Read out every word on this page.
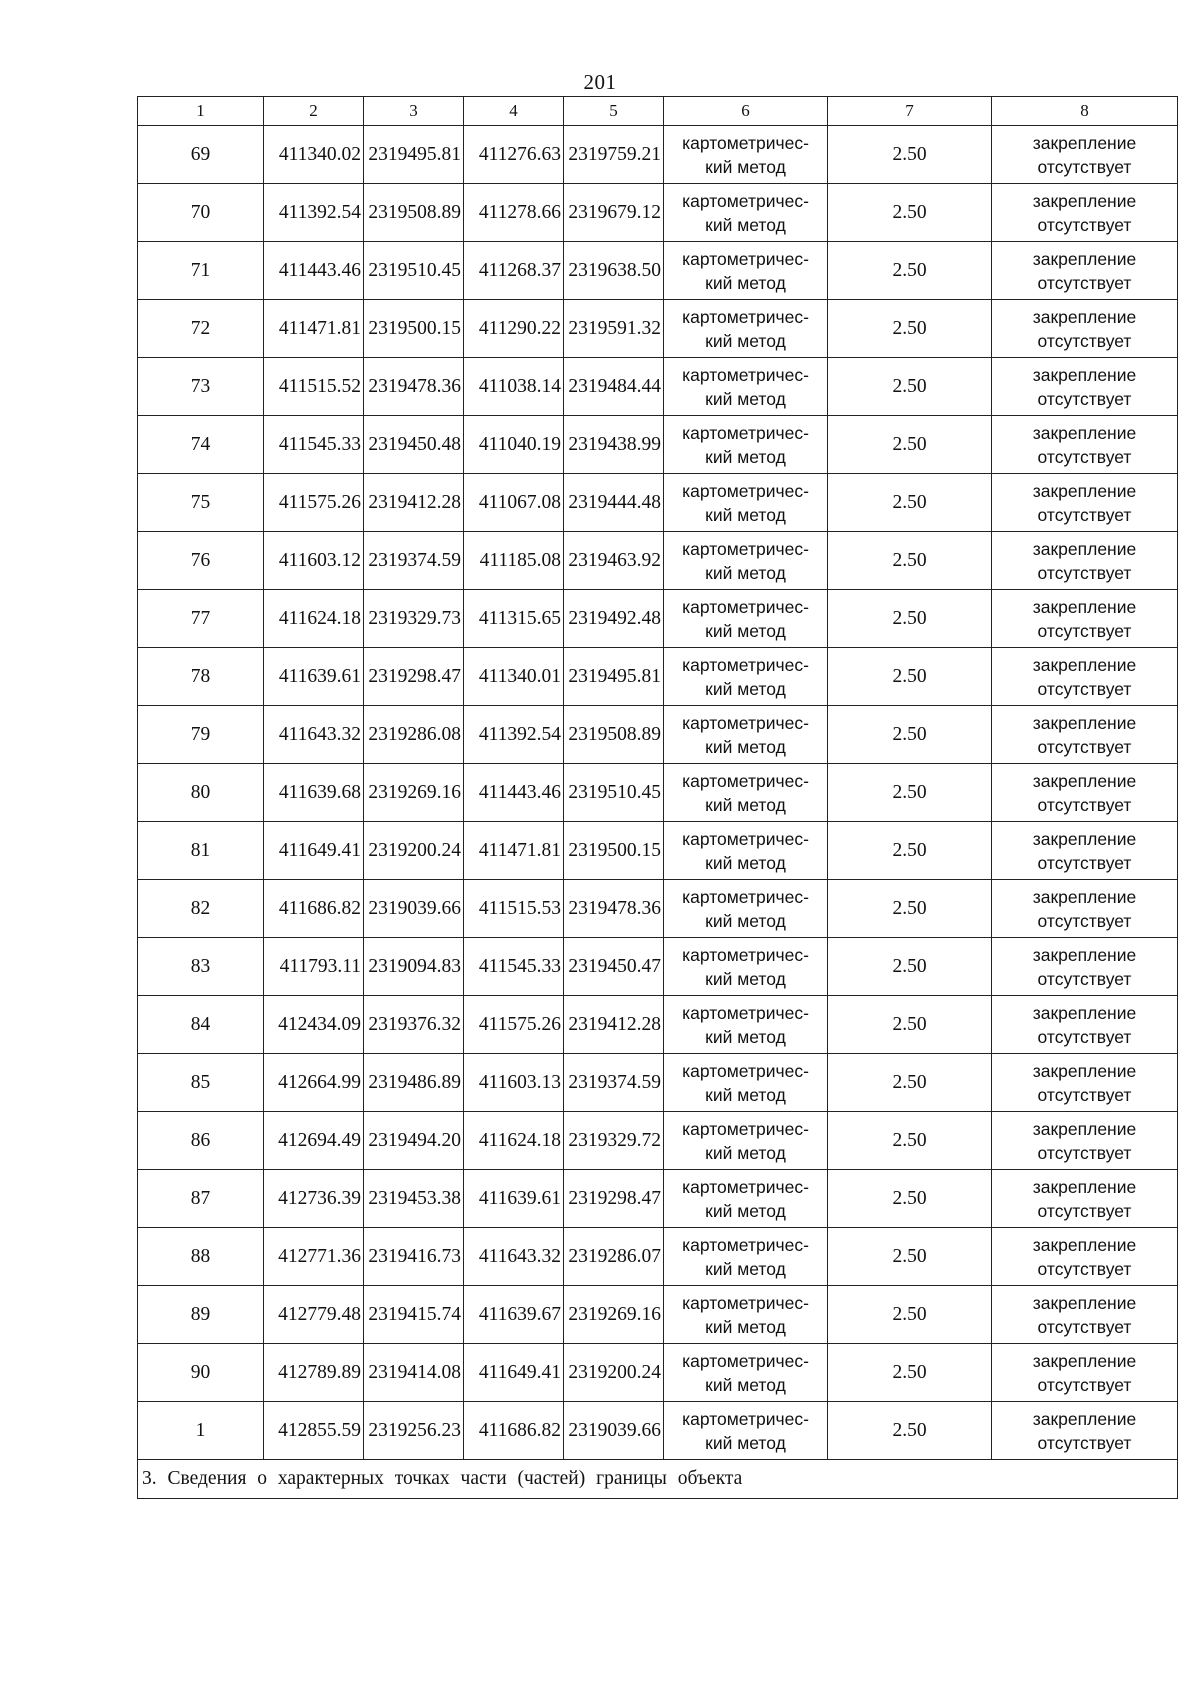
201
1	2	3	4	5	6	7	8
69	411340.02	2319495.81	411276.63	2319759.21	картометричес-
кий метод	2.50	закрепление
отсутствует

70	411392.54	2319508.89	411278.66	2319679.12	картометричес-
кий метод	2.50	закрепление
отсутствует

71	411443.46	2319510.45	411268.37	2319638.50	картометричес-
кий метод	2.50	закрепление
отсутствует

72	411471.81	2319500.15	411290.22	2319591.32	картометричес-
кий метод	2.50	закрепление
отсутствует

73	411515.52	2319478.36	411038.14	2319484.44	картометричес-
кий метод	2.50	закрепление
отсутствует

74	411545.33	2319450.48	411040.19	2319438.99	картометричес-
кий метод	2.50	закрепление
отсутствует

75	411575.26	2319412.28	411067.08	2319444.48	картометричес-
кий метод	2.50	закрепление
отсутствует

76	411603.12	2319374.59	411185.08	2319463.92	картометричес-
кий метод	2.50	закрепление
отсутствует

77	411624.18	2319329.73	411315.65	2319492.48	картометричес-
кий метод	2.50	закрепление
отсутствует

78	411639.61	2319298.47	411340.01	2319495.81	картометричес-
кий метод	2.50	закрепление
отсутствует

79	411643.32	2319286.08	411392.54	2319508.89	картометричес-
кий метод	2.50	закрепление
отсутствует

80	411639.68	2319269.16	411443.46	2319510.45	картометричес-
кий метод	2.50	закрепление
отсутствует

81	411649.41	2319200.24	411471.81	2319500.15	картометричес-
кий метод	2.50	закрепление
отсутствует

82	411686.82	2319039.66	411515.53	2319478.36	картометричес-
кий метод	2.50	закрепление
отсутствует

83	411793.11	2319094.83	411545.33	2319450.47	картометричес-
кий метод	2.50	закрепление
отсутствует

84	412434.09	2319376.32	411575.26	2319412.28	картометричес-
кий метод	2.50	закрепление
отсутствует

85	412664.99	2319486.89	411603.13	2319374.59	картометричес-
кий метод	2.50	закрепление
отсутствует

86	412694.49	2319494.20	411624.18	2319329.72	картометричес-
кий метод	2.50	закрепление
отсутствует

87	412736.39	2319453.38	411639.61	2319298.47	картометричес-
кий метод	2.50	закрепление
отсутствует

88	412771.36	2319416.73	411643.32	2319286.07	картометричес-
кий метод	2.50	закрепление
отсутствует

89	412779.48	2319415.74	411639.67	2319269.16	картометричес-
кий метод	2.50	закрепление
отсутствует

90	412789.89	2319414.08	411649.41	2319200.24	картометричес-
кий метод	2.50	закрепление
отсутствует

1	412855.59	2319256.23	411686.82	2319039.66	картометричес-
кий метод	2.50	закрепление
отсутствует

3. Сведения о характерных точках части (частей) границы объекта							
